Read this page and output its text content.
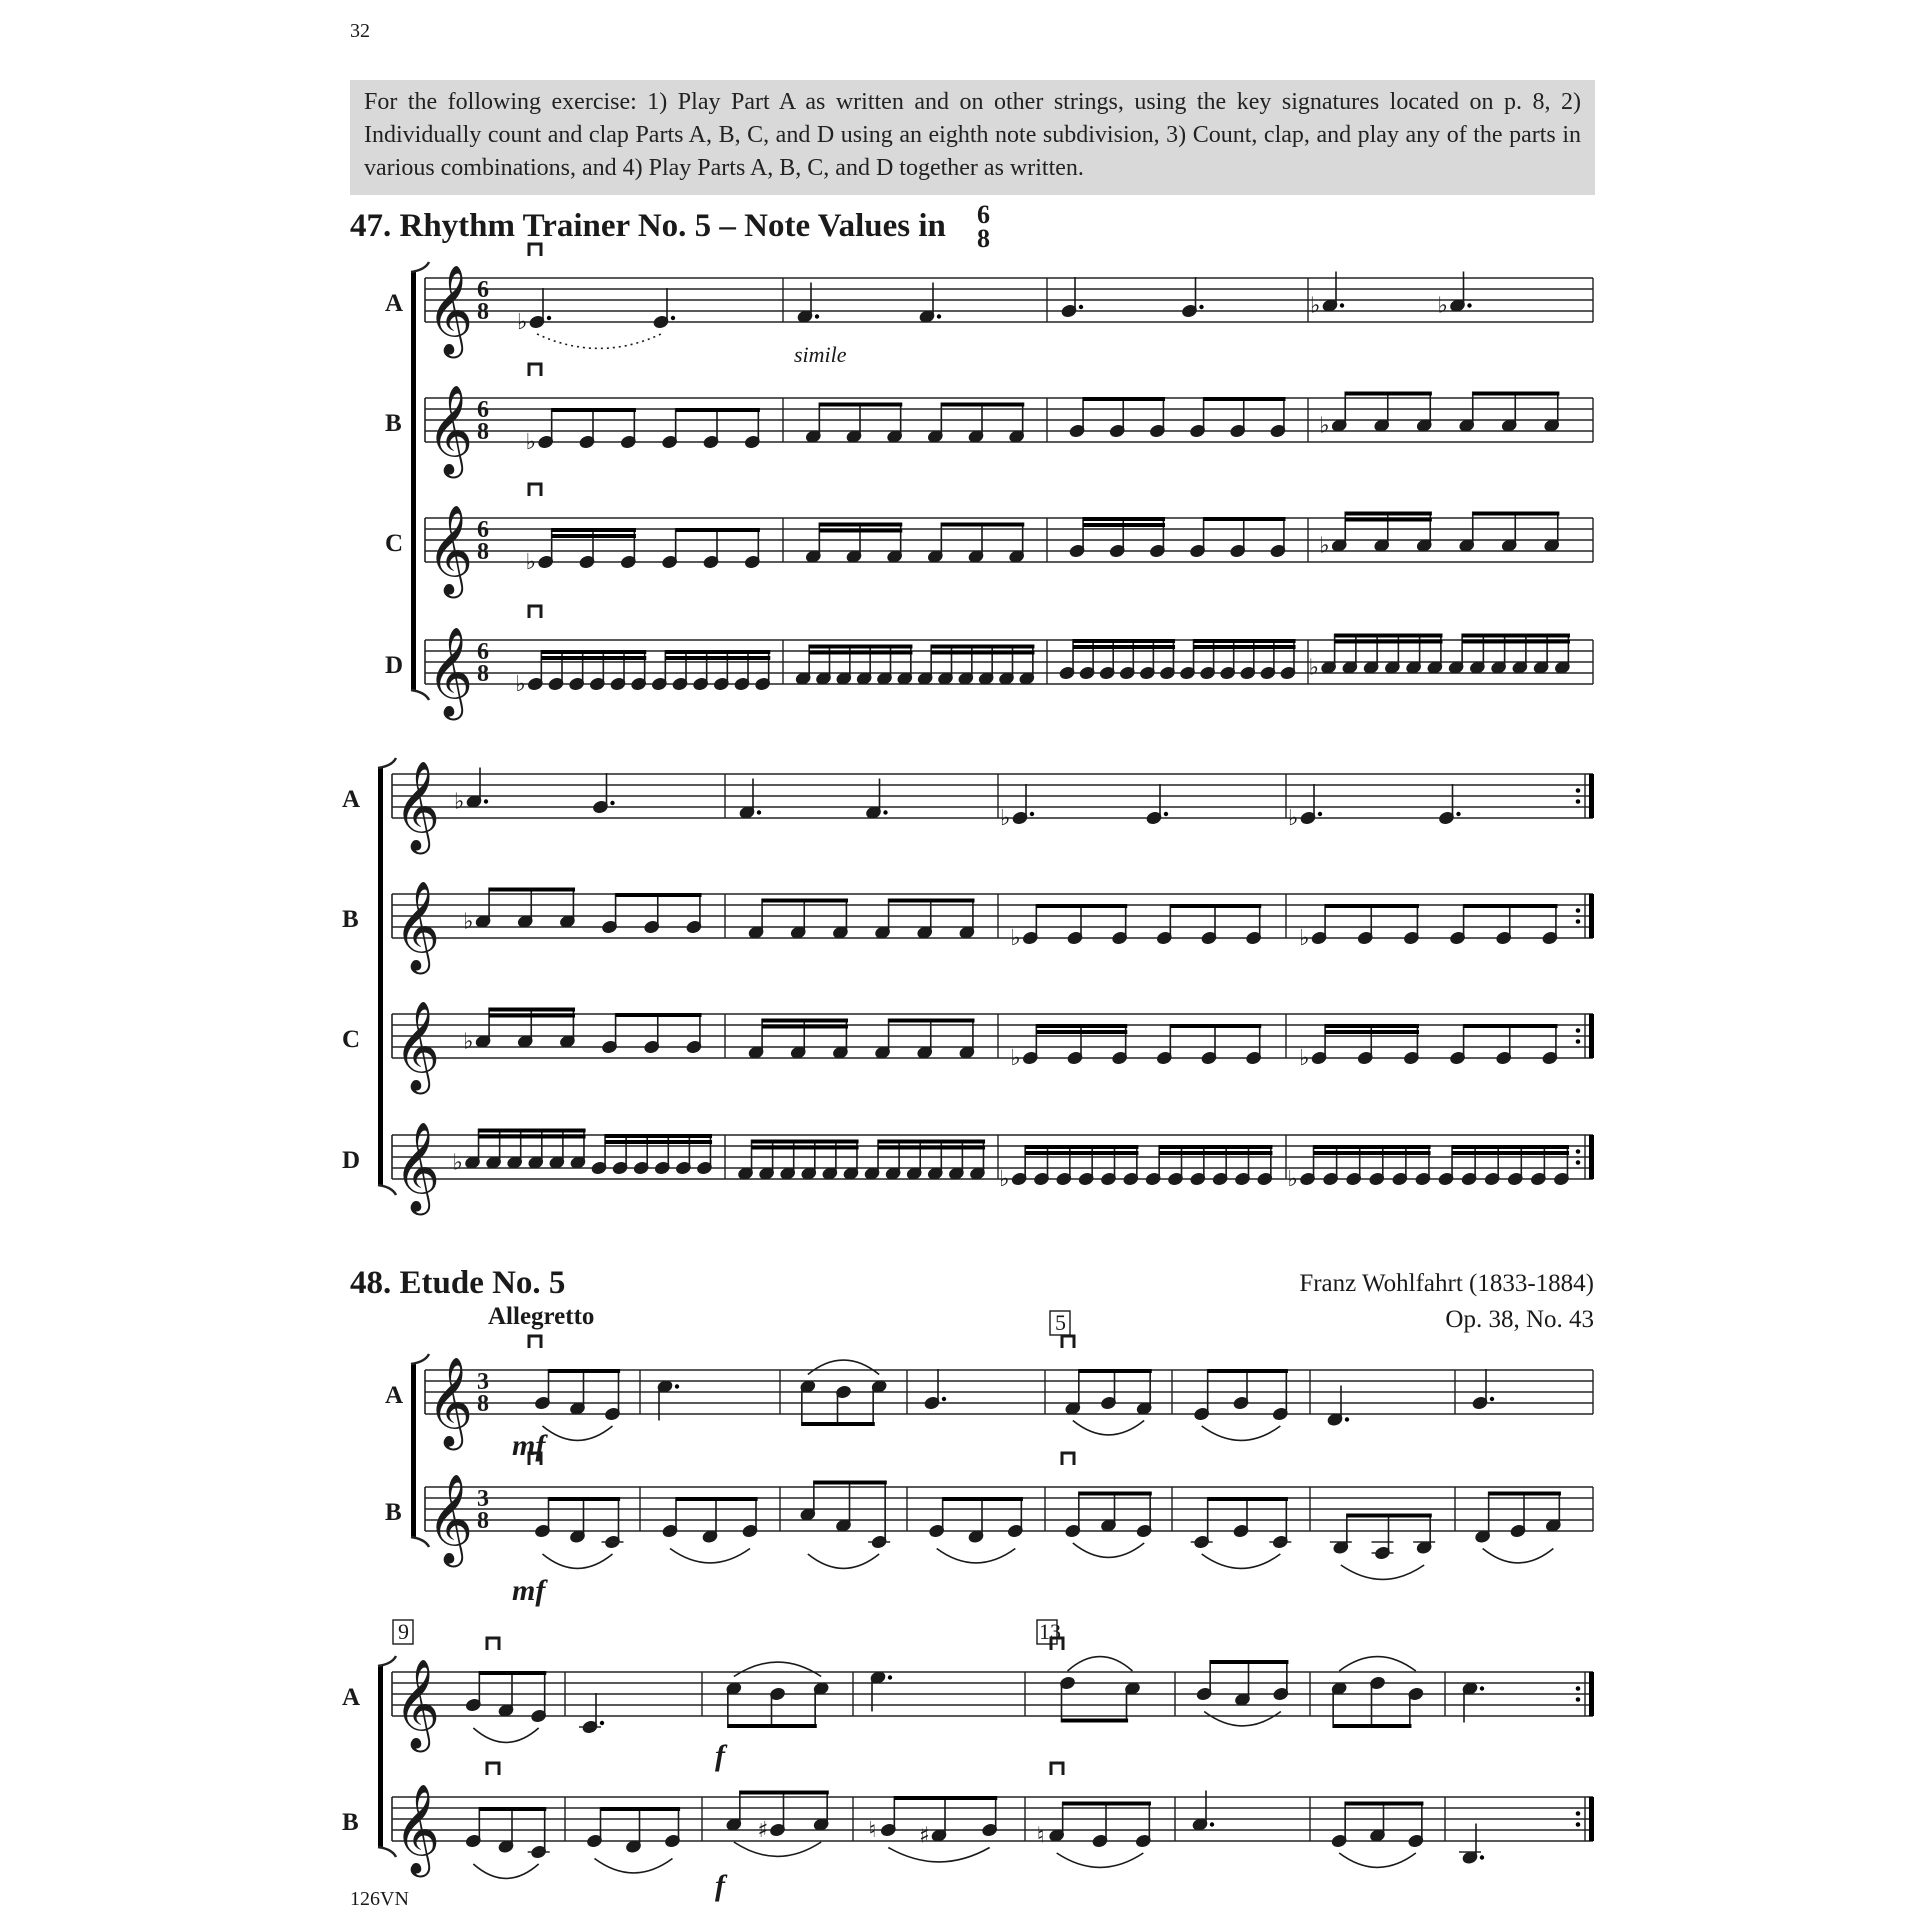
32
For the following exercise: 1) Play Part A as written and on other strings, using the key signatures located on p. 8, 2) Individually count and clap Parts A, B, C, and D using an eighth note subdivision, 3) Count, clap, and play any of the parts in various combinations, and 4) Play Parts A, B, C, and D together as written.
47. Rhythm Trainer No. 5 – Note Values in
48. Etude No. 5	Franz Wohlfahrt (1833-1884)
Op. 38, No. 43
Allegretto
126VN
6
8
simile
𝄞 6
8
A
𝄞 6
8
B
𝄞 6
8
C
𝄞 6
8
D
♭
♭
♭
♭
♭	♭
♭
♭
♭
𝄞
A
𝄞
B
𝄞
C
𝄞
D
♭
♭
♭
♭
♭
♭
♭
♭
♭
♭
♭
♭
𝄞 3
8
A
𝄞 3
8
B
𝄞
A
𝄞
B	♯	♮ ♯	♮
5
9	13
mf
mf
f
f
